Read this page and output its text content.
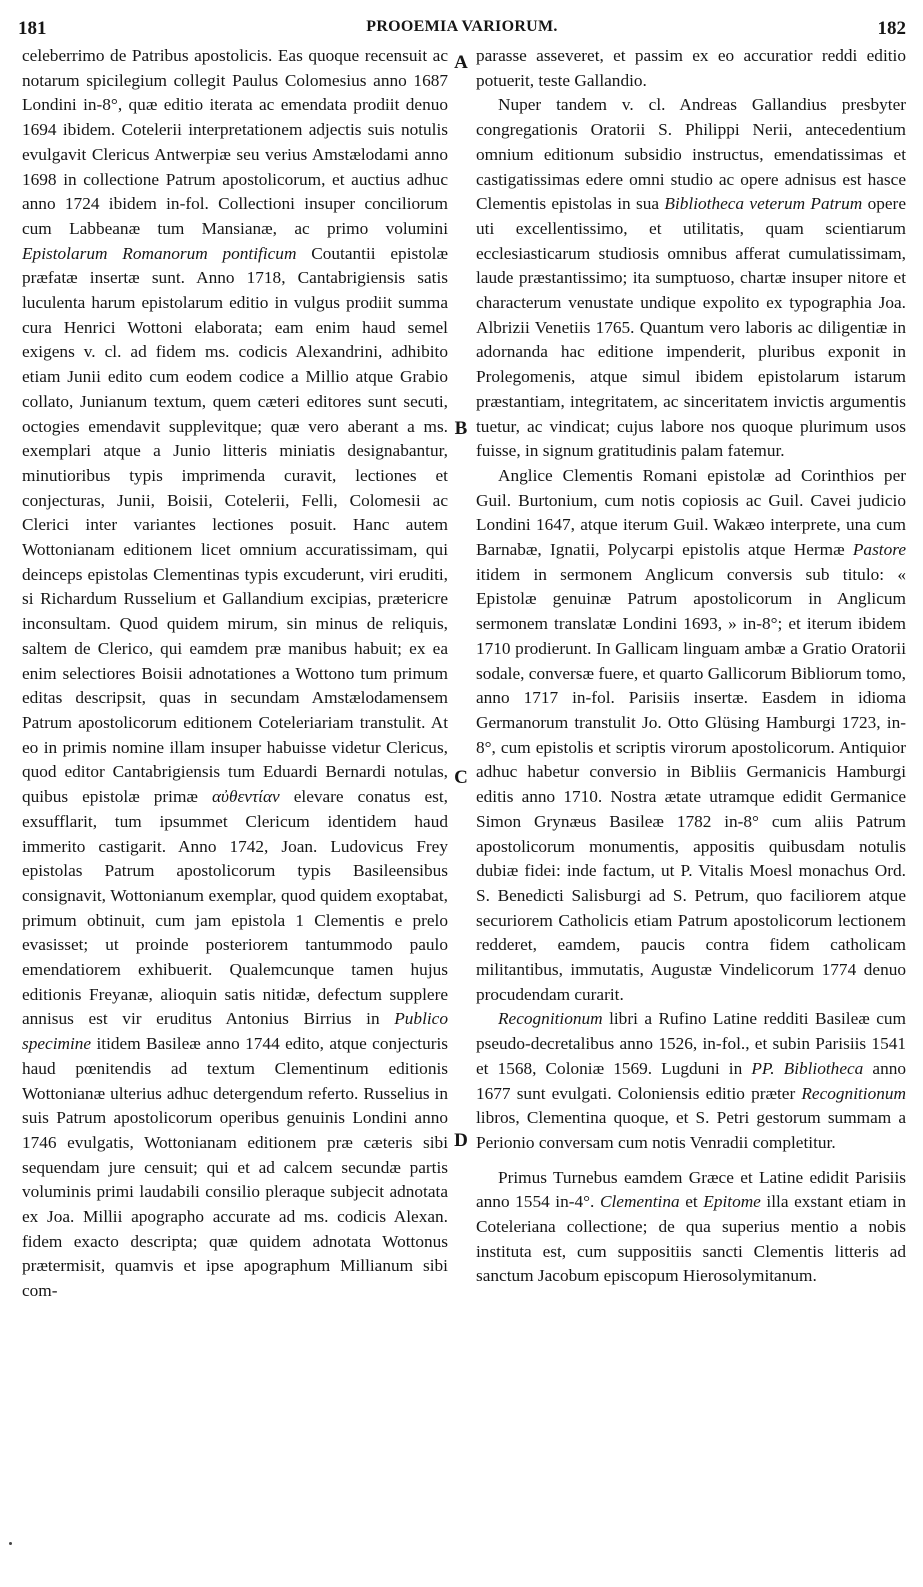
181	PROOEMIA VARIORUM.	182

celeberrimo de Patribus apostolicis. Eas quoque recensuit ac notarum spicilegium collegit Paulus Colomesius anno 1687 Londini in-8°, quæ editio iterata ac emendata prodiit denuo 1694 ibidem. Cotelerii interpretationem adjectis suis notulis evulgavit Clericus Antwerpiæ seu verius Amstælodami anno 1698 in collectione Patrum apostolicorum, et auctius adhuc anno 1724 ibidem in-fol. Collectioni insuper conciliorum cum Labbeanæ tum Mansianæ, ac primo volumini Epistolarum Romanorum pontificum Coutantii epistolæ præfatæ insertæ sunt. Anno 1718, Cantabrigiensis satis luculenta harum epistolarum editio in vulgus prodiit summa cura Henrici Wottoni elaborata; eam enim haud semel exigens v. cl. ad fidem ms. codicis Alexandrini, adhibito etiam Junii edito cum eodem codice a Millio atque Grabio collato, Junianum textum, quem cæteri editores sunt secuti, octogies emendavit supplevitque; quæ vero aberant a ms. exemplari atque a Junio litteris miniatis designabantur, minutioribus typis imprimenda curavit, lectiones et conjecturas, Junii, Boisii, Cotelerii, Felli, Colomesii ac Clerici inter variantes lectiones posuit. Hanc autem Wottonianam editionem licet omnium accuratissimam, qui deinceps epistolas Clementinas typis excuderunt, viri eruditi, si Richardum Russelium et Gallandium excipias, prætericre inconsultam. Quod quidem mirum, sin minus de reliquis, saltem de Clerico, qui eamdem præ manibus habuit; ex ea enim selectiores Boisii adnotationes a Wottono tum primum editas descripsit, quas in secundam Amstælodamensem Patrum apostolicorum editionem Coteleriariam transtulit. At eo in primis nomine illam insuper habuisse videtur Clericus, quod editor Cantabrigiensis tum Eduardi Bernardi notulas, quibus epistolæ primæ αὐθεντίαν elevare conatus est, exsufflarit, tum ipsummet Clericum identidem haud immerito castigarit. Anno 1742, Joan. Ludovicus Frey epistolas Patrum apostolicorum typis Basileensibus consignavit, Wottonianum exemplar, quod quidem exoptabat, primum obtinuit, cum jam epistola 1 Clementis e prelo evasisset; ut proinde posteriorem tantummodo paulo emendatiorem exhibuerit. Qualemcunque tamen hujus editionis Freyanæ, alioquin satis nitidæ, defectum supplere annisus est vir eruditus Antonius Birrius in Publico specimine itidem Basileæ anno 1744 edito, atque conjecturis haud pœnitendis ad textum Clementinum editionis Wottonianæ ulterius adhuc detergendum referto. Russelius in suis Patrum apostolicorum operibus genuinis Londini anno 1746 evulgatis, Wottonianam editionem præ cæteris sibi sequendam jure censuit; qui et ad calcem secundæ partis voluminis primi laudabili consilio pleraque subjecit adnotata ex Joa. Millii apographo accurate ad ms. codicis Alexan. fidem exacto descripta; quæ quidem adnotata Wottonus prætermisit, quamvis et ipse apographum Millianum sibi com-

A
B
C
D

parasse asseveret, et passim ex eo accuratior reddi editio potuerit, teste Gallandio.

Nuper tandem v. cl. Andreas Gallandius presbyter congregationis Oratorii S. Philippi Nerii, antecedentium omnium editionum subsidio instructus, emendatissimas et castigatissimas edere omni studio ac opere adnisus est hasce Clementis epistolas in sua Bibliotheca veterum Patrum opere uti excellentissimo, et utilitatis, quam scientiarum ecclesiasticarum studiosis omnibus afferat cumulatissimam, laude præstantissimo; ita sumptuoso, chartæ insuper nitore et characterum venustate undique expolito ex typographia Joa. Albrizii Venetiis 1765. Quantum vero laboris ac diligentiæ in adornanda hac editione impenderit, pluribus exponit in Prolegomenis, atque simul ibidem epistolarum istarum præstantiam, integritatem, ac sinceritatem invictis argumentis tuetur, ac vindicat; cujus labore nos quoque plurimum usos fuisse, in signum gratitudinis palam fatemur.

Anglice Clementis Romani epistolæ ad Corinthios per Guil. Burtonium, cum notis copiosis ac Guil. Cavei judicio Londini 1647, atque iterum Guil. Wakæo interprete, una cum Barnabæ, Ignatii, Polycarpi epistolis atque Hermæ Pastore itidem in sermonem Anglicum conversis sub titulo: « Epistolæ genuinæ Patrum apostolicorum in Anglicum sermonem translatæ Londini 1693, » in-8°; et iterum ibidem 1710 prodierunt. In Gallicam linguam ambæ a Gratio Oratorii sodale, conversæ fuere, et quarto Gallicorum Bibliorum tomo, anno 1717 in-fol. Parisiis insertæ. Easdem in idioma Germanorum transtulit Jo. Otto Glüsing Hamburgi 1723, in-8°, cum epistolis et scriptis virorum apostolicorum. Antiquior adhuc habetur conversio in Bibliis Germanicis Hamburgi editis anno 1710. Nostra ætate utramque edidit Germanice Simon Grynæus Basileæ 1782 in-8° cum aliis Patrum apostolicorum monumentis, appositis quibusdam notulis dubiæ fidei: inde factum, ut P. Vitalis Moesl monachus Ord. S. Benedicti Salisburgi ad S. Petrum, quo faciliorem atque securiorem Catholicis etiam Patrum apostolicorum lectionem redderet, eamdem, paucis contra fidem catholicam militantibus, immutatis, Augustæ Vindelicorum 1774 denuo procudendam curarit.

Recognitionum libri a Rufino Latine redditi Basileæ cum pseudo-decretalibus anno 1526, in-fol., et subin Parisiis 1541 et 1568, Coloniæ 1569. Lugduni in PP. Bibliotheca anno 1677 sunt evulgati. Coloniensis editio præter Recognitionum libros, Clementina quoque, et S. Petri gestorum summam a Perionio conversam cum notis Venradii completitur.

Primus Turnebus eamdem Græce et Latine edidit Parisiis anno 1554 in-4°. Clementina et Epitome illa exstant etiam in Coteleriana collectione; de qua superius mentio a nobis instituta est, cum suppositiis sancti Clementis litteris ad sanctum Jacobum episcopum Hierosolymitanum.
